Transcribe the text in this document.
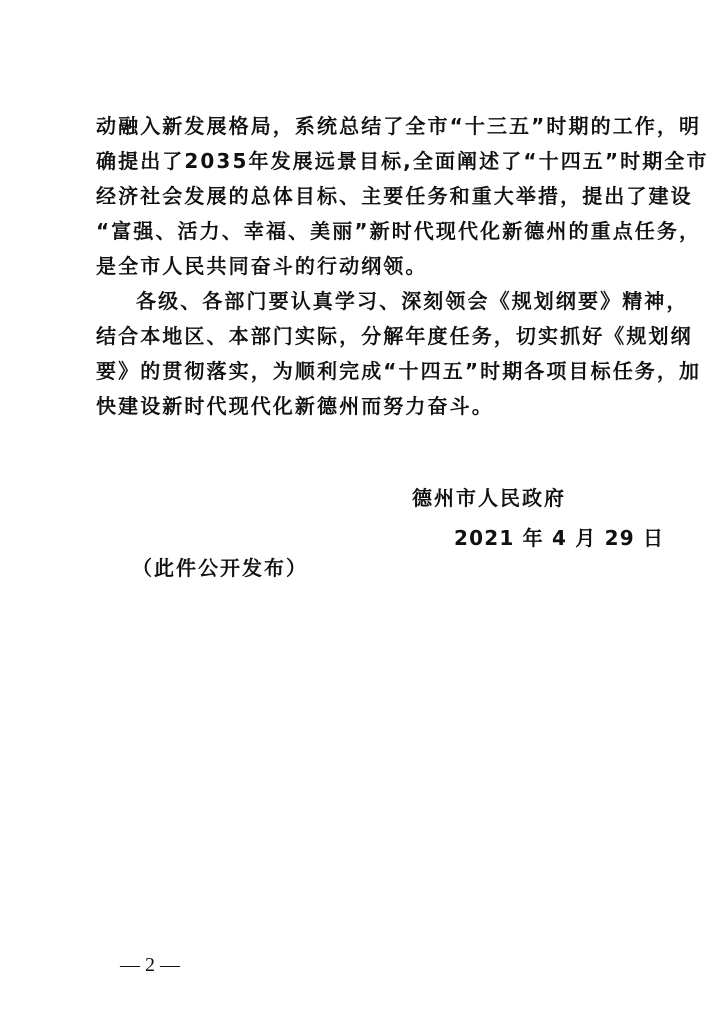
动融入新发展格局，系统总结了全市“十三五”时期的工作，明
确提出了2035年发展远景目标,全面阐述了“十四五”时期全市
经济社会发展的总体目标、主要任务和重大举措，提出了建设
“富强、活力、幸福、美丽”新时代现代化新德州的重点任务，
是全市人民共同奋斗的行动纲领。
各级、各部门要认真学习、深刻领会《规划纲要》精神，
结合本地区、本部门实际，分解年度任务，切实抓好《规划纲
要》的贯彻落实，为顺利完成“十四五”时期各项目标任务，加
快建设新时代现代化新德州而努力奋斗。
德州市人民政府
2021 年 4 月 29 日
（此件公开发布）
— 2 —
